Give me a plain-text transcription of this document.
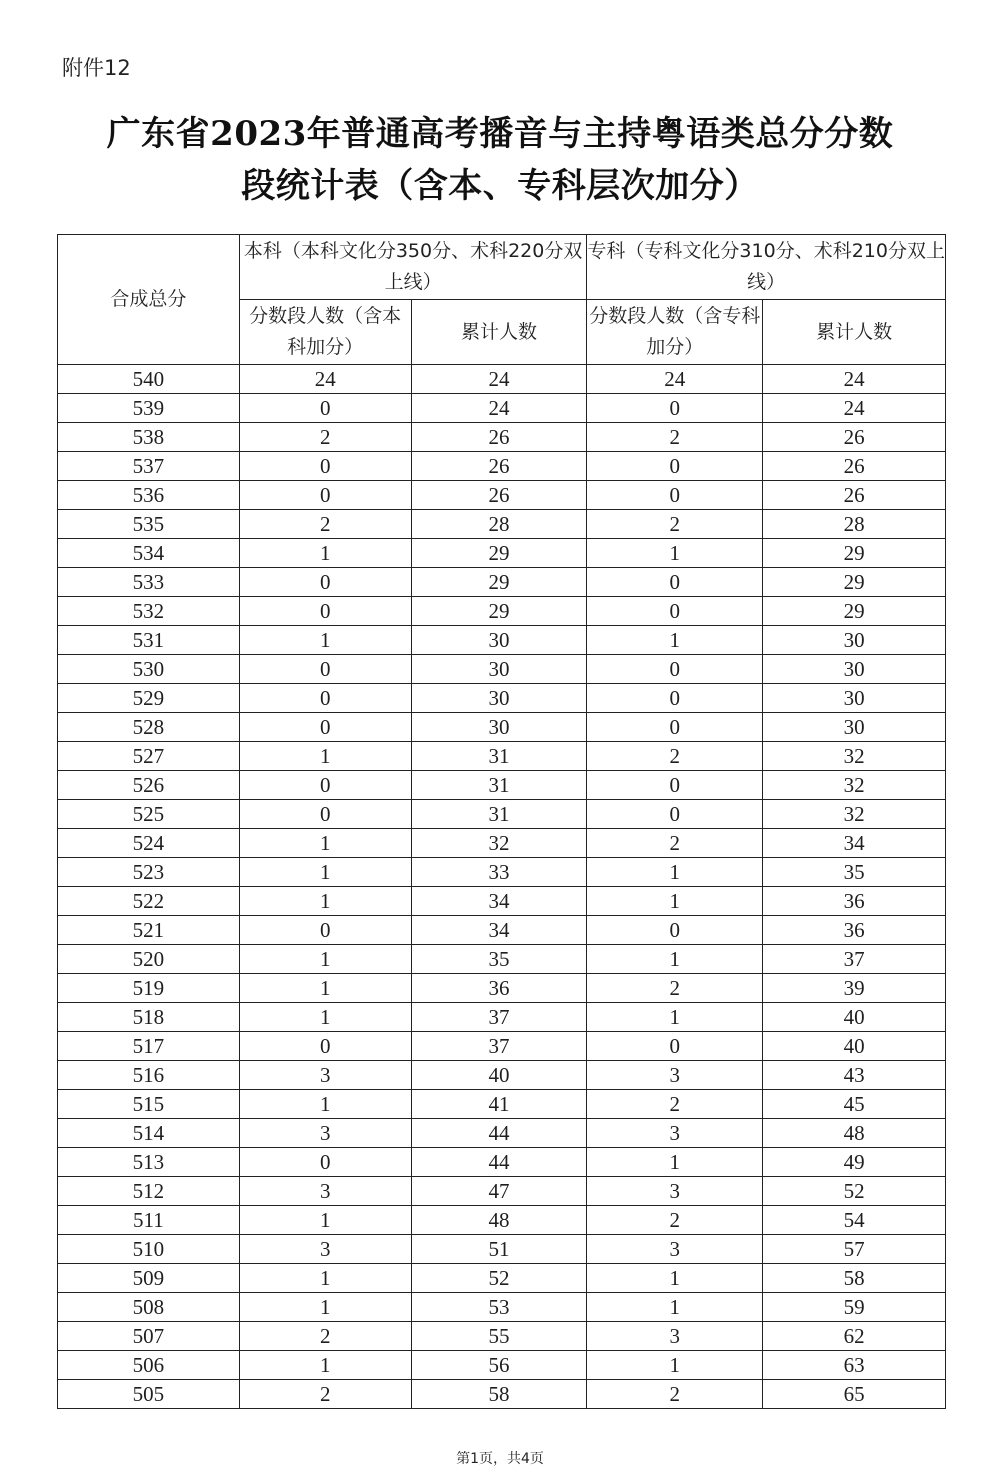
附件12
广东省2023年普通高考播音与主持粤语类总分分数

段统计表（含本、专科层次加分）
合成总分	本科（本科文化分350分、术科220分双上线）		专科（专科文化分310分、术科210分双上线）	
	分数段人数（含本科加分）	累计人数	分数段人数（含专科加分）	累计人数
540	24	24	24	24
539	0	24	0	24
538	2	26	2	26
537	0	26	0	26
536	0	26	0	26
535	2	28	2	28
534	1	29	1	29
533	0	29	0	29
532	0	29	0	29
531	1	30	1	30
530	0	30	0	30
529	0	30	0	30
528	0	30	0	30
527	1	31	2	32
526	0	31	0	32
525	0	31	0	32
524	1	32	2	34
523	1	33	1	35
522	1	34	1	36
521	0	34	0	36
520	1	35	1	37
519	1	36	2	39
518	1	37	1	40
517	0	37	0	40
516	3	40	3	43
515	1	41	2	45
514	3	44	3	48
513	0	44	1	49
512	3	47	3	52
511	1	48	2	54
510	3	51	3	57
509	1	52	1	58
508	1	53	1	59
507	2	55	3	62
506	1	56	1	63
505	2	58	2	65
第1页，共4页
